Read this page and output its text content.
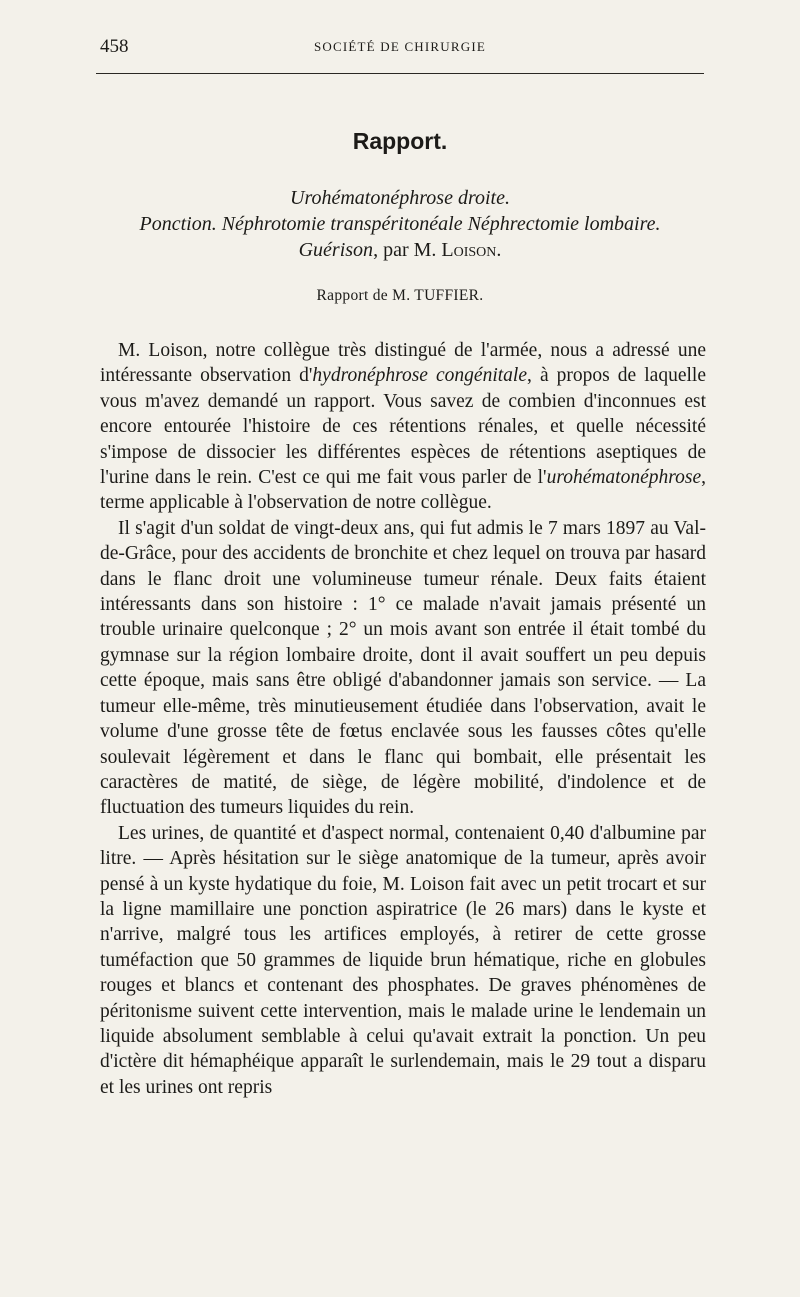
458	SOCIÉTÉ DE CHIRURGIE
Rapport.
Urohématonéphrose droite.
Ponction. Néphrotomie transpéritonéale Néphrectomie lombaire.
Guérison, par M. Loison.
Rapport de M. TUFFIER.

M. Loison, notre collègue très distingué de l'armée, nous a adressé une intéressante observation d'hydronéphrose congénitale, à propos de laquelle vous m'avez demandé un rapport. Vous savez de combien d'inconnues est encore entourée l'histoire de ces rétentions rénales, et quelle nécessité s'impose de dissocier les différentes espèces de rétentions aseptiques de l'urine dans le rein. C'est ce qui me fait vous parler de l'urohématonéphrose, terme applicable à l'observation de notre collègue.

Il s'agit d'un soldat de vingt-deux ans, qui fut admis le 7 mars 1897 au Val-de-Grâce, pour des accidents de bronchite et chez lequel on trouva par hasard dans le flanc droit une volumineuse tumeur rénale. Deux faits étaient intéressants dans son histoire : 1° ce malade n'avait jamais présenté un trouble urinaire quelconque ; 2° un mois avant son entrée il était tombé du gymnase sur la région lombaire droite, dont il avait souffert un peu depuis cette époque, mais sans être obligé d'abandonner jamais son service. — La tumeur elle-même, très minutieusement étudiée dans l'observation, avait le volume d'une grosse tête de fœtus enclavée sous les fausses côtes qu'elle soulevait légèrement et dans le flanc qui bombait, elle présentait les caractères de matité, de siège, de légère mobilité, d'indolence et de fluctuation des tumeurs liquides du rein.

Les urines, de quantité et d'aspect normal, contenaient 0,40 d'albumine par litre. — Après hésitation sur le siège anatomique de la tumeur, après avoir pensé à un kyste hydatique du foie, M. Loison fait avec un petit trocart et sur la ligne mamillaire une ponction aspiratrice (le 26 mars) dans le kyste et n'arrive, malgré tous les artifices employés, à retirer de cette grosse tuméfaction que 50 grammes de liquide brun hématique, riche en globules rouges et blancs et contenant des phosphates. De graves phénomènes de péritonisme suivent cette intervention, mais le malade urine le lendemain un liquide absolument semblable à celui qu'avait extrait la ponction. Un peu d'ictère dit hémaphéique apparaît le surlendemain, mais le 29 tout a disparu et les urines ont repris
